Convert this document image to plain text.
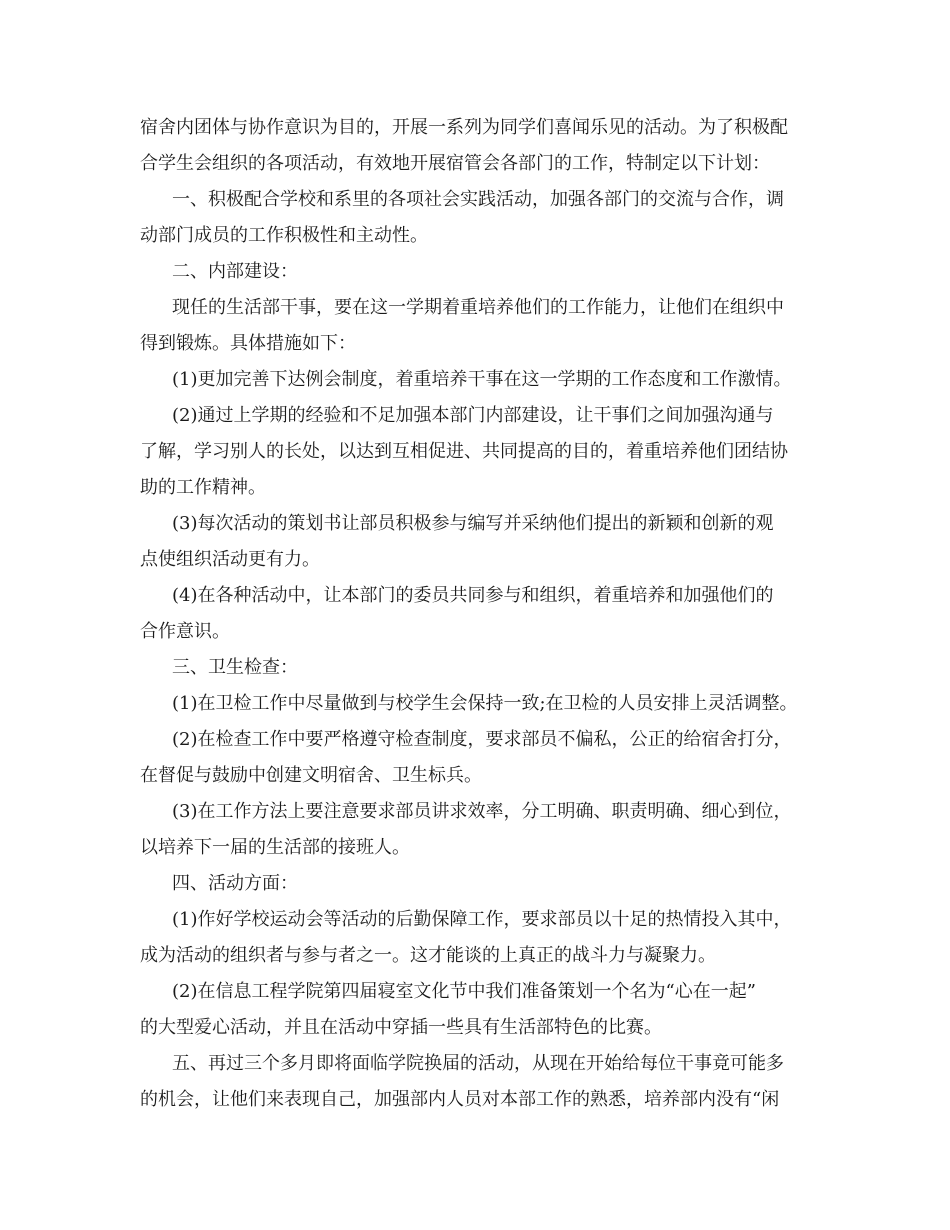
宿舍内团体与协作意识为目的，开展一系列为同学们喜闻乐见的活动。为了积极配
合学生会组织的各项活动，有效地开展宿管会各部门的工作，特制定以下计划：
一、积极配合学校和系里的各项社会实践活动，加强各部门的交流与合作，调
动部门成员的工作积极性和主动性。
二、内部建设：
现任的生活部干事，要在这一学期着重培养他们的工作能力，让他们在组织中
得到锻炼。具体措施如下：
(1)更加完善下达例会制度，着重培养干事在这一学期的工作态度和工作激情。
(2)通过上学期的经验和不足加强本部门内部建设，让干事们之间加强沟通与
了解，学习别人的长处，以达到互相促进、共同提高的目的，着重培养他们团结协
助的工作精神。
(3)每次活动的策划书让部员积极参与编写并采纳他们提出的新颖和创新的观
点使组织活动更有力。
(4)在各种活动中，让本部门的委员共同参与和组织，着重培养和加强他们的
合作意识。
三、卫生检查：
(1)在卫检工作中尽量做到与校学生会保持一致;在卫检的人员安排上灵活调整。
(2)在检查工作中要严格遵守检查制度，要求部员不偏私，公正的给宿舍打分，
在督促与鼓励中创建文明宿舍、卫生标兵。
(3)在工作方法上要注意要求部员讲求效率，分工明确、职责明确、细心到位，
以培养下一届的生活部的接班人。
四、活动方面：
(1)作好学校运动会等活动的后勤保障工作，要求部员以十足的热情投入其中，
成为活动的组织者与参与者之一。这才能谈的上真正的战斗力与凝聚力。
(2)在信息工程学院第四届寝室文化节中我们准备策划一个名为“心在一起”
的大型爱心活动，并且在活动中穿插一些具有生活部特色的比赛。
五、再过三个多月即将面临学院换届的活动，从现在开始给每位干事竟可能多
的机会，让他们来表现自己，加强部内人员对本部工作的熟悉，培养部内没有“闲
